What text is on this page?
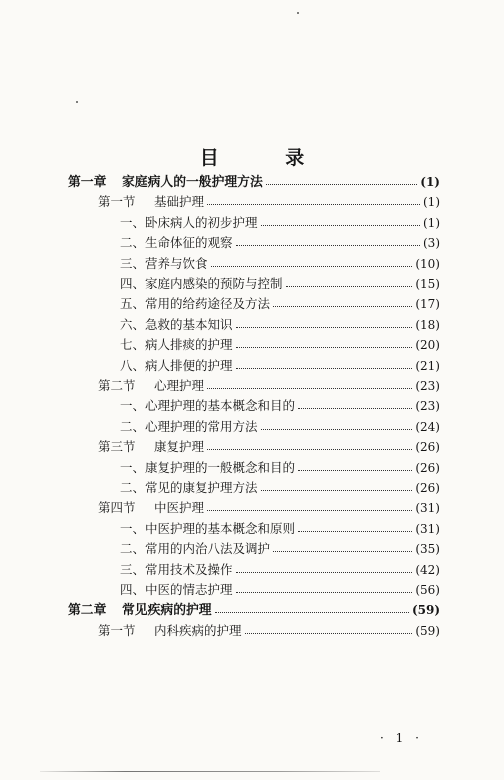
目 录
第一章 家庭病人的一般护理方法	(1)
第一节 基础护理	(1)
一、卧床病人的初步护理	(1)
二、生命体征的观察	(3)
三、营养与饮食	(10)
四、家庭内感染的预防与控制	(15)
五、常用的给药途径及方法	(17)
六、急救的基本知识	(18)
七、病人排痰的护理	(20)
八、病人排便的护理	(21)
第二节 心理护理	(23)
一、心理护理的基本概念和目的	(23)
二、心理护理的常用方法	(24)
第三节 康复护理	(26)
一、康复护理的一般概念和目的	(26)
二、常见的康复护理方法	(26)
第四节 中医护理	(31)
一、中医护理的基本概念和原则	(31)
二、常用的内治八法及调护	(35)
三、常用技术及操作	(42)
四、中医的情志护理	(56)
第二章 常见疾病的护理	(59)
第一节 内科疾病的护理	(59)
· 1 ·
